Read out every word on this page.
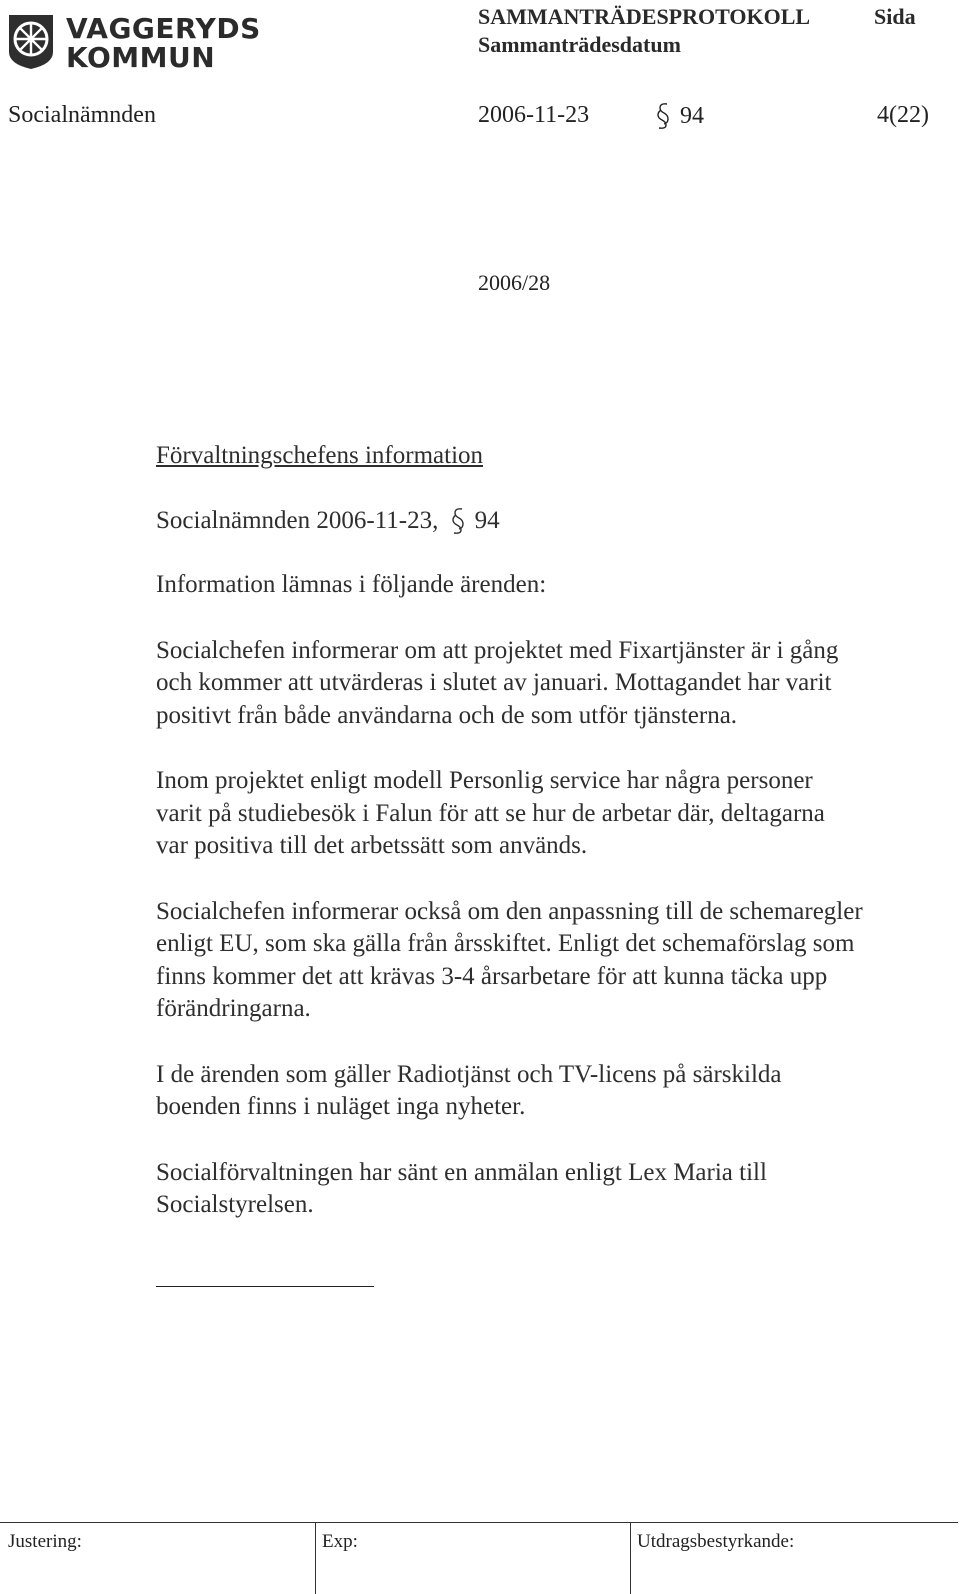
VAGGERYDS
KOMMUN
SAMMANTRÄDESPROTOKOLL	Sida
Sammanträdesdatum
Socialnämnden	2006-11-23	94	4(22)
2006/28

Förvaltningschefens information

Socialnämnden 2006-11-23, 94

Information lämnas i följande ärenden:

Socialchefen informerar om att projektet med Fixartjänster är i gång
och kommer att utvärderas i slutet av januari. Mottagandet har varit
positivt från både användarna och de som utför tjänsterna.

Inom projektet enligt modell Personlig service har några personer
varit på studiebesök i Falun för att se hur de arbetar där, deltagarna
var positiva till det arbetssätt som används.

Socialchefen informerar också om den anpassning till de schemaregler
enligt EU, som ska gälla från årsskiftet. Enligt det schemaförslag som
finns kommer det att krävas 3-4 årsarbetare för att kunna täcka upp
förändringarna.

I de ärenden som gäller Radiotjänst och TV-licens på särskilda
boenden finns i nuläget inga nyheter.

Socialförvaltningen har sänt en anmälan enligt Lex Maria till
Socialstyrelsen.

Justering:	Exp:	Utdragsbestyrkande:
